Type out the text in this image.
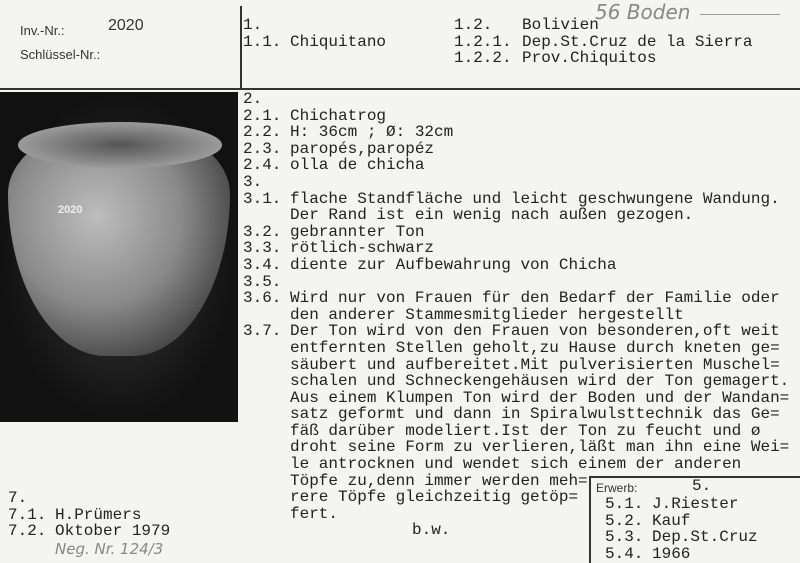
Inv.-Nr.:	2020
Schlüssel-Nr.:
56 Boden
1.
1.1. Chiquitano
1.2.	Bolivien
1.2.1. Dep.St.Cruz de la Sierra
1.2.2. Prov.Chiquitos
2020
2.
2.1. Chichatrog
2.2. H: 36cm ; Ø: 32cm
2.3. paropés,paropéz
2.4. olla de chicha
3.
3.1. flache Standfläche und leicht geschwungene Wandung.
Der Rand ist ein wenig nach außen gezogen.
3.2. gebrannter Ton
3.3. rötlich-schwarz
3.4. diente zur Aufbewahrung von Chicha
3.5.
3.6. Wird nur von Frauen für den Bedarf der Familie oder
den anderer Stammesmitglieder hergestellt
3.7. Der Ton wird von den Frauen von besonderen,oft weit
entfernten Stellen geholt,zu Hause durch kneten ge=
säubert und aufbereitet.Mit pulverisierten Muschel=
schalen und Schneckengehäusen wird der Ton gemagert.
Aus einem Klumpen Ton wird der Boden und der Wandan=
satz geformt und dann in Spiralwulsttechnik das Ge=
fäß darüber modeliert.Ist der Ton zu feucht und ø
droht seine Form zu verlieren,läßt man ihn eine Wei=
le antrocknen und wendet sich einem der anderen
Töpfe zu,denn immer werden meh=
rere Töpfe gleichzeitig getöp=
fert.
b.w.
7.
7.1. H.Prümers
7.2. Oktober 1979
Neg. Nr. 124/3
Erwerb:	5.
5.1. J.Riester
5.2. Kauf
5.3. Dep.St.Cruz
5.4. 1966
